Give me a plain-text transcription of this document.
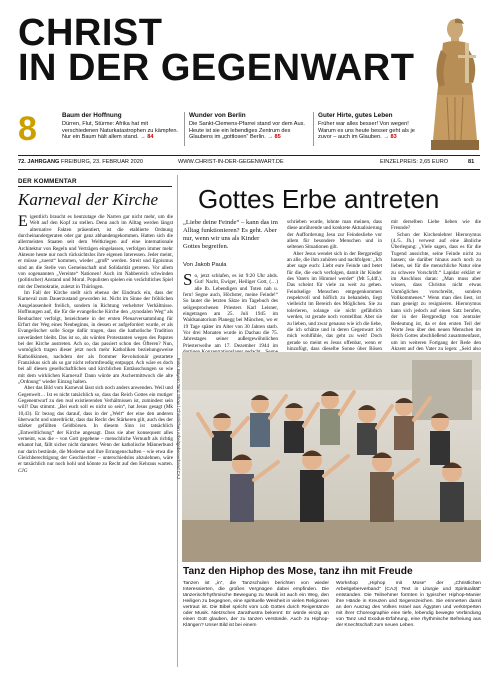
CHRIST
IN DER GEGENWART
8	Baum der Hoffnung
Dürren, Flut, Stürme: Afrika hat mit verschiedenen Naturkatastrophen zu kämpfen. Nur ein Baum hält allem stand. → 84
Wunder von Berlin
Die Sankt-Clemens-Pfarrei stand vor dem Aus. Heute ist sie ein lebendiges Zentrum des Glaubens im „gottlosen“ Berlin. → 85
Guter Hirte, gutes Leben
Früher war alles besser! Von wegen! Warum es uns heute besser geht als je zuvor – auch im Glauben. → 83
72. JAHRGANG FREIBURG, 23. FEBRUAR 2020	WWW.CHRIST-IN-DER-GEGENWART.DE	EINZELPREIS: 2,65 EURO	81
DER KOMMENTAR
Karneval der Kirche

Eigentlich braucht es heutzutage die Narren gar nicht mehr, um die Welt auf den Kopf zu stellen. Denn auch im Alltag werden längst alternative Fakten präsentiert, ist die etablierte Ordnung durcheinandergeraten oder gar ganz abhandengekommen. Hatten sich die allermeisten Staaten seit dem Weltkriegen auf eine internationale Architektur von Regeln und Verträgen eingelassen, verfolgen immer mehr Akteure heute nur noch rücksichtslos ihre eigenen Interessen. Jeder meint, er müsse „zuerst“ kommen, wieder „groß“ werden. Streit und Egoismus sind an die Stelle von Gemeinschaft und Solidarität getreten. Vor allem von sogenannten „Vereinte“ Nationen! Auch im Nahbereich schwinden (politischer) Anstand und Moral. Populisten spielen ein verächtliches Spiel mit der Demokratie, zuletzt in Thüringen.

Im Fall der Kirche stellt sich ebenso der Eindruck ein, dass der Karneval zum Dauerzustand geworden ist. Nicht im Sinne der fröhlichen Ausgelassenheit freilich, sondern in Richtung verkehrter Verhältnisse. Hoffnungen auf, die für die evangelische Kirche den „synodalen Weg“ als Beobachter verfolgt, bezeichnete in der ersten Plenarversammlung für Erfurt der Weg eines Neubeginns, in dessen er aufgefordert wurde, er als Evangelischer solle Sorge dafür tragen, dass die katholische Tradition unverändert bleibt. Das ist so, als würden Protestanten wegen des Papstes bei der Kirche austreten. Ach so, das passiert schon des Öfteren? Nun, womöglich tragen dieser jetzt noch mehr Katholiken beziehungsweise Katholikinnen, nachdem der als frommer Revolutionär gestartete Franziskus sich als so gar nicht reformfreudig entpuppt. Ach wäre es doch bei all diesen gesellschaftlichen und kirchlichen Enttäuschungen so wie mit dem wirklichen Karneval! Dann würde am Aschermittwoch die alte „Ordnung“ wieder Einzug halten.

Aber das Bild vom Karneval lässt sich noch anders anwenden. Weil und Gegenwelt… Ist es nicht tatsächlich so, dass das Reich Gottes ein mutiger Gegenentwurf zu den real existierenden Verhältnissen ist, zumindest sein will? Das stimmt. „Bei euch soll es nicht so sein“, hat Jesus gesagt (Mk 10,43). Er bezog das darauf, dass in der „Welt“ der eine den anderen überwacht und unterdrückt, dass das Recht des Stärkeren gilt, auch des der stärker gefüllten Geldbörsen. In diesem Sinn ist tatsächlich „Entweltlichung“ der Kirche angesagt. Dass sie aber konsequent alles verneint, was die – von Gott gegebene – menschliche Vernunft als richtig erkannt hat, fällt sicher nicht darunter. Wenn der katholische Männerbund nur darin bestünde, die Moderne und ihre Errungenschaften – wie etwa die Gleichberechtigung der Geschlechter – unterschiedslos abzulehnen, wäre er tatsächlich nur noch hohl und könnte zu Recht auf den Kehraus warten. CJG

Gottes Erbe antreten
„Liebe deine Feinde“ – kann das im Alltag funktionieren? Es geht. Aber nur, wenn wir uns als Kinder Gottes begreifen.
Von Jakob Paula

So, jetzt schlafen, es ist 9:20 Uhr abds. Gut! Nacht, Ewiger, Heiliger Gott, (…) alle Ib. Lebendigen und Toten nah u. fern! Segne auch, Höchster, meine Feinde!“ So lautet die letzten Sätze im Tagebuch des seligesprochenen Priesters Karl Leisner, eingetragen am 25. Juli 1945 im Waldsanatorium Planegg bei München, wo er 19 Tage später im Alter von 30 Jahren starb. Vor drei Monaten wurde in Dachau die 75. Jahrestages seiner außergewöhnlichen Priesterweihe am 17. Dezember 1944 im

schrieben wurde, lohnte man meinen, dass diese anrührende und konkrete Aktualisierung der Aufforderung Jesu zur Feindesliebe vor allem für besondere Menschen und in seltenen Situationen gilt.

Aber Jesus wendet sich in der Bergpredigt an alle, die ihm zuhören und nachfolgen: „Ich aber sage euch: Liebt eure Feinde und betet für die, die euch verfolgen, damit ihr Kinder des Vaters im Himmel werdet“ (Mt 5,44f.). Das scheint für viele zu weit zu gehen. Feindselige Menschen entgegenkommen respektvoll und höflich zu behandeln, liegt vielleicht im Bereich des Möglichen. Sie zu tolerieren, solange sie nicht gefährlich werden, ist gerade noch vorstellbar. Aber sie zu lieben, und zwar genauso wie ich die liebe, die ich schätze und in deren Gegenwart ich mich wohlfühle, das geht zu weit! Doch gerade so meint es Jesus offenbar, wenn er hinzufügt, dass dieselbe Sonne über Bösen

mit derselben Liebe lieben wie die Freunde?

Schon der Kirchenlehrer Hieronymus (4./5. Jh.) verwest auf eine ähnliche Überlegung: „Viele sagen, dass es für die Tugend aussichte, seine Feinde nicht zu hassen; sie darüber hinaus auch noch zu lieben, sei für die menschliche Natur eine zu schwere Vorschrift.“ Lapidar erklärt er im Anschluss daran: „Man muss aber wissen, dass Christus nicht etwas Unmögliches vorschreibt, sondern Vollkommenes.“ Wenn man dies liest, ist man geneigt zu resignieren. Hieronymus kann sich jedoch auf einen Satz berufen, der in der Bergpredigt von zentraler Bedeutung ist, da er den ersten Teil der Worte Jesu über den neuen Menschen im Reich Gottes abschließend zusammenfasst, um im weiteren Fortgang der Rede den Akzent auf den Vater zu legen: „Seid also

Foto: Bayern Tanz Show / Christlichen Arbeitgeberverband CAJ
Tanz den Hiphop des Mose, tanz ihn mit Freude
Tanzen ist „in“, die Tanzschulen berichten von wieder Interessierten, die großes Vergnügen dabei empfinden. Die tänzerischrhythmische Bewegung zu Musik ist auch ein Weg, den Heiligen zu begegnen, eine spirituelle Weisheit in vielen Religionen vertraut ist. Die Bibel spricht vom Lob Gottes durch Reigentänze oder Musik. Nietzsches Zarathustra bekennt: Er würde einzig an einen Gott glauben, der zu tanzen verstünde. Auch zu Hiphop-Klängen? Unser Bild ist bei einem
Workshop „Hiphop mit Mose“ der „Christlichen Arbeitgeberverband“ (CAJ) Text in Liturgie und Spiritualität“ entstanden. Die Teilnehmer formten in typischer Hiphop-Manier ihre Hände in Kreuzen und Segenszeichen. Sie erinnerten damit an den Auszug des Volkes Israel aus Ägypten und verkörperten mit ihrer Choreographie eine tiefe, lebendig bewegte Verbindung von Tanz und Exodus-Erfahrung, eine rhythmische Befreiung aus der Knechtschaft zum neuen Leben.
